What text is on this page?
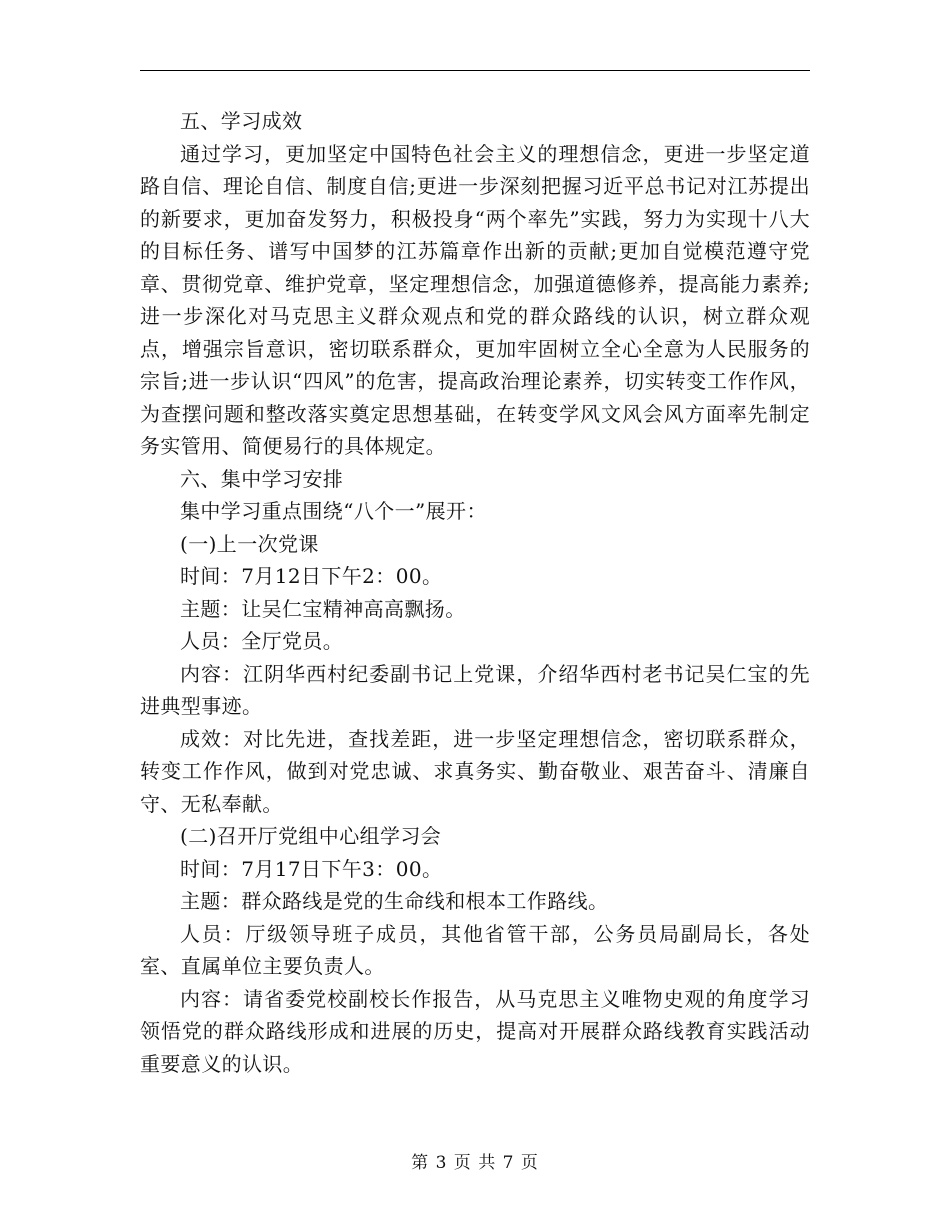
五、学习成效

通过学习，更加坚定中国特色社会主义的理想信念，更进一步坚定道路自信、理论自信、制度自信;更进一步深刻把握习近平总书记对江苏提出的新要求，更加奋发努力，积极投身“两个率先”实践，努力为实现十八大的目标任务、谱写中国梦的江苏篇章作出新的贡献;更加自觉模范遵守党章、贯彻党章、维护党章，坚定理想信念，加强道德修养，提高能力素养;进一步深化对马克思主义群众观点和党的群众路线的认识，树立群众观点，增强宗旨意识，密切联系群众，更加牢固树立全心全意为人民服务的宗旨;进一步认识“四风”的危害，提高政治理论素养，切实转变工作作风，为查摆问题和整改落实奠定思想基础，在转变学风文风会风方面率先制定务实管用、简便易行的具体规定。

六、集中学习安排

集中学习重点围绕“八个一”展开：

(一)上一次党课

时间：7月12日下午2：00。

主题：让吴仁宝精神高高飘扬。

人员：全厅党员。

内容：江阴华西村纪委副书记上党课，介绍华西村老书记吴仁宝的先进典型事迹。

成效：对比先进，查找差距，进一步坚定理想信念，密切联系群众，转变工作作风，做到对党忠诚、求真务实、勤奋敬业、艰苦奋斗、清廉自守、无私奉献。

(二)召开厅党组中心组学习会

时间：7月17日下午3：00。

主题：群众路线是党的生命线和根本工作路线。

人员：厅级领导班子成员，其他省管干部，公务员局副局长，各处室、直属单位主要负责人。

内容：请省委党校副校长作报告，从马克思主义唯物史观的角度学习领悟党的群众路线形成和进展的历史，提高对开展群众路线教育实践活动重要意义的认识。

第 3 页 共 7 页
